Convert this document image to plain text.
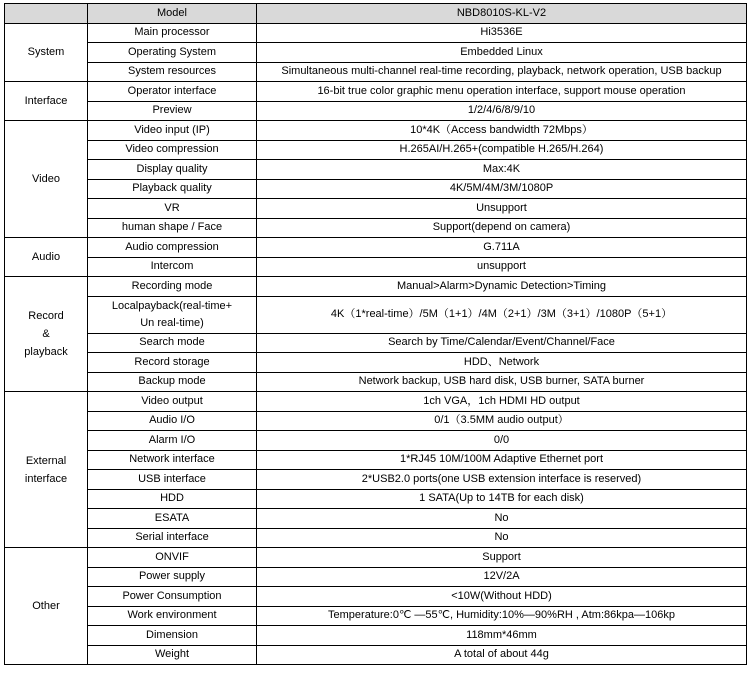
	Model	NBD8010S-KL-V2

System	Main processor	Hi3536E

	Operating System	Embedded Linux

	System resources	Simultaneous multi-channel real-time recording, playback, network operation, USB backup

Interface	Operator interface	16-bit true color graphic menu operation interface, support mouse operation

	Preview	1/2/4/6/8/9/10

Video	Video input (IP)	10*4K（Access bandwidth 72Mbps）

	Video compression	H.265AI/H.265+(compatible H.265/H.264)

	Display quality	Max:4K

	Playback quality	4K/5M/4M/3M/1080P

	VR	Unsupport

	human shape / Face	Support(depend on camera)

Audio	Audio compression	G.711A

	Intercom	unsupport

Record
&
playback	Recording mode	Manual>Alarm>Dynamic Detection>Timing

	Localpayback(real-time+
Un real-time)	4K（1*real-time）/5M（1+1）/4M（2+1）/3M（3+1）/1080P（5+1）

	Search mode	Search by Time/Calendar/Event/Channel/Face

	Record storage	HDD、Network

	Backup mode	Network backup, USB hard disk, USB burner, SATA burner

External
interface	Video output	1ch VGA，1ch HDMI HD output

	Audio I/O	0/1（3.5MM audio output）

	Alarm I/O	0/0

	Network interface	1*RJ45 10M/100M Adaptive Ethernet port

	USB interface	2*USB2.0 ports(one USB extension interface is reserved)

	HDD	1 SATA(Up to 14TB for each disk)

	ESATA	No

	Serial interface	No

Other	ONVIF	Support

	Power supply	12V/2A

	Power Consumption	<10W(Without HDD)

	Work environment	Temperature:0℃ —55℃, Humidity:10%—90%RH , Atm:86kpa—106kp

	Dimension	118mm*46mm

	Weight	A total of about 44g
